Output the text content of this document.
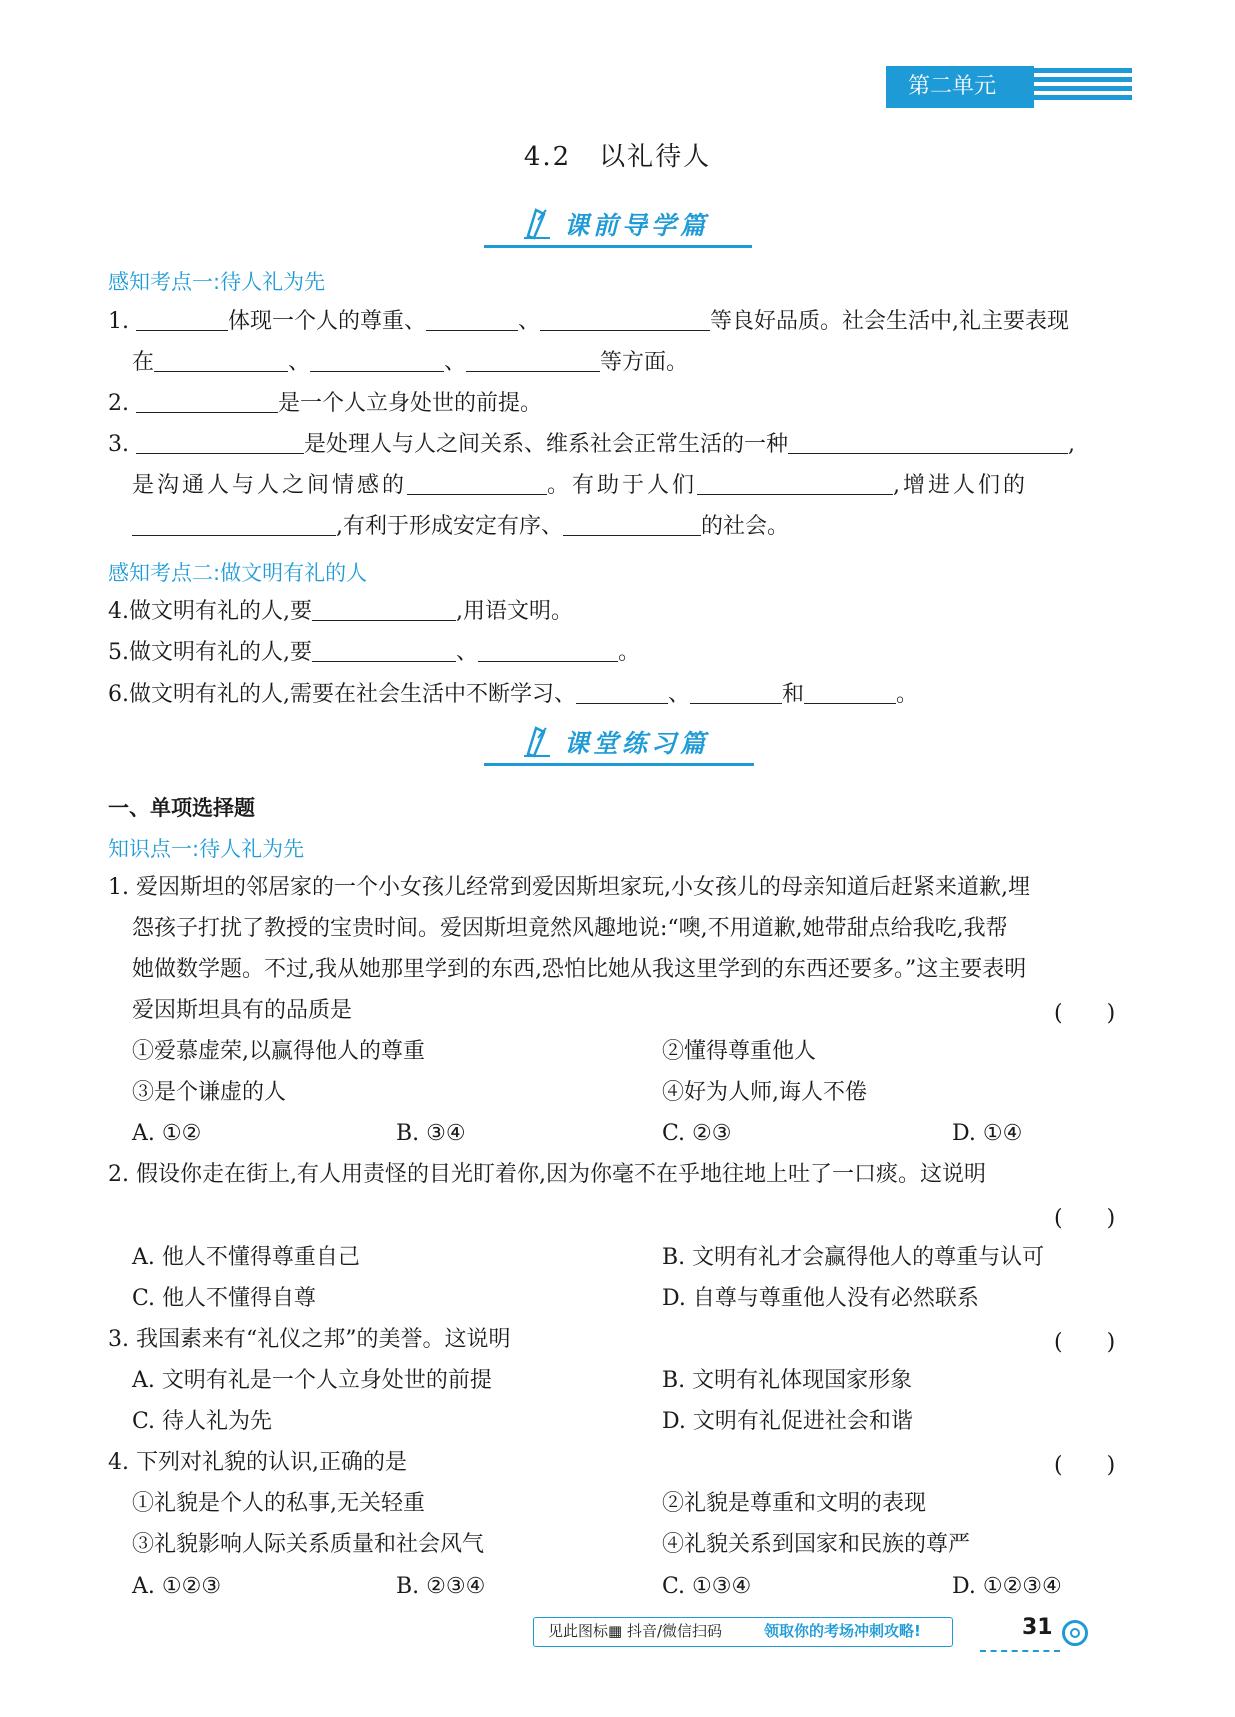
第二单元
4.2　以礼待人
课前导学篇
感知考点一:待人礼为先
1.	体现一个人的尊重、	、	等良好品质。社会生活中,礼主要表现
在	、	、	等方面。
2.	是一个人立身处世的前提。
3.	是处理人与人之间关系、维系社会正常生活的一种	,
是沟通人与人之间情感的	。有助于人们	,增进人们的
,有利于形成安定有序、	的社会。
感知考点二:做文明有礼的人
4.做文明有礼的人,要	,用语文明。
5.做文明有礼的人,要	、	。
6.做文明有礼的人,需要在社会生活中不断学习、	、	和	。
课堂练习篇
一、单项选择题
知识点一:待人礼为先
1. 爱因斯坦的邻居家的一个小女孩儿经常到爱因斯坦家玩,小女孩儿的母亲知道后赶紧来道歉,埋
怨孩子打扰了教授的宝贵时间。爱因斯坦竟然风趣地说:“噢,不用道歉,她带甜点给我吃,我帮
她做数学题。不过,我从她那里学到的东西,恐怕比她从我这里学到的东西还要多。”这主要表明
爱因斯坦具有的品质是	(　　)
①爱慕虚荣,以赢得他人的尊重	②懂得尊重他人
③是个谦虚的人	④好为人师,诲人不倦
A. ①②	B. ③④	C. ②③	D. ①④
2. 假设你走在街上,有人用责怪的目光盯着你,因为你毫不在乎地往地上吐了一口痰。这说明
(　　)
A. 他人不懂得尊重自己	B. 文明有礼才会赢得他人的尊重与认可
C. 他人不懂得自尊	D. 自尊与尊重他人没有必然联系
3. 我国素来有“礼仪之邦”的美誉。这说明	(　　)
A. 文明有礼是一个人立身处世的前提	B. 文明有礼体现国家形象
C. 待人礼为先	D. 文明有礼促进社会和谐
4. 下列对礼貌的认识,正确的是	(　　)
①礼貌是个人的私事,无关轻重	②礼貌是尊重和文明的表现
③礼貌影响人际关系质量和社会风气	④礼貌关系到国家和民族的尊严
A. ①②③	B. ②③④	C. ①③④	D. ①②③④
见此图标▦ 抖音/微信扫码	领取你的考场冲刺攻略!	31
